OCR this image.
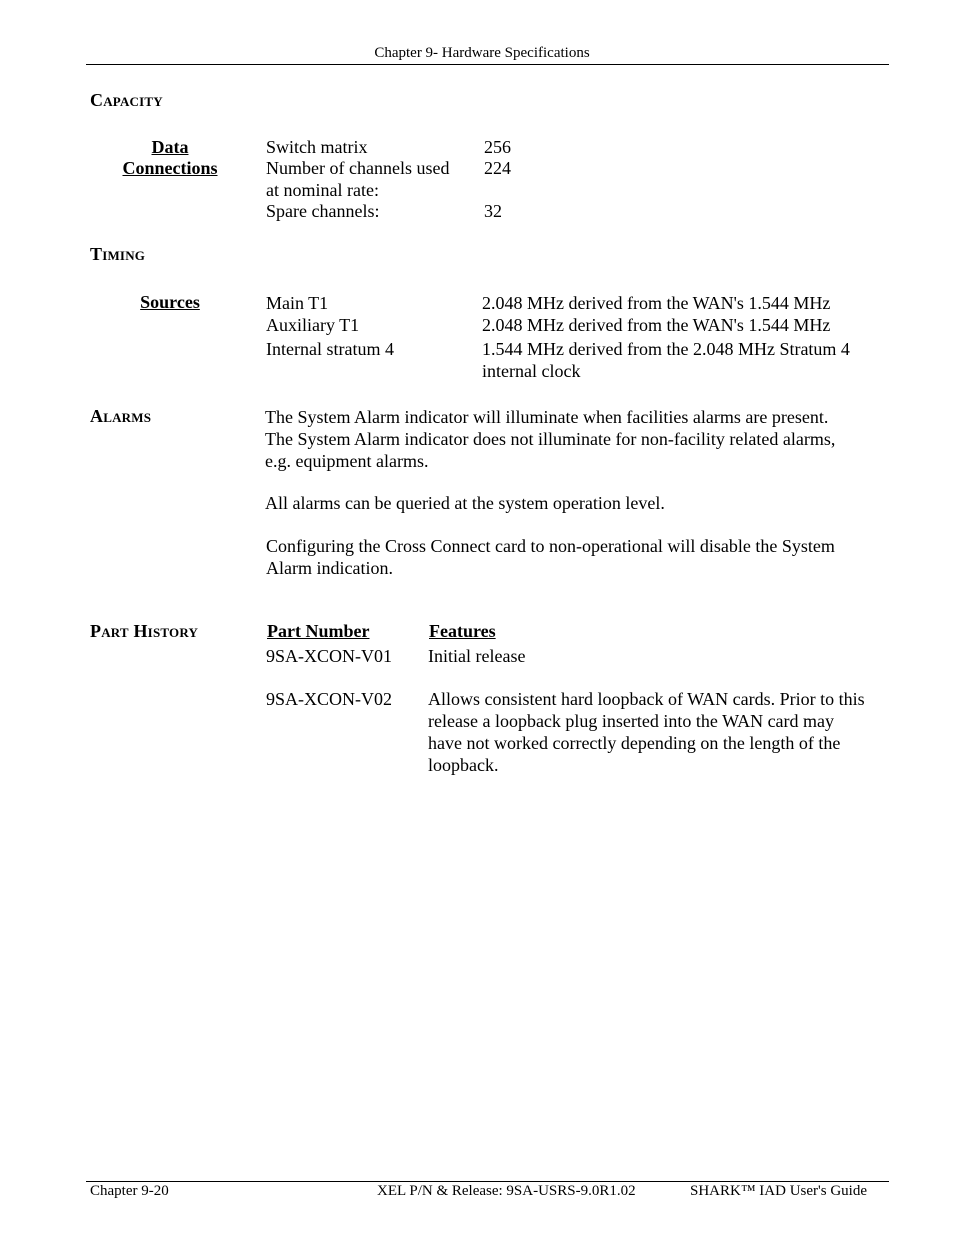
Chapter 9- Hardware Specifications
Capacity
Data
Connections
Switch matrix	256
Number of channels used 224
at nominal rate:
Spare channels:	32
Timing
Sources	Main T1	2.048 MHz derived from the WAN's 1.544 MHz
Auxiliary T1	2.048 MHz derived from the WAN's 1.544 MHz
Internal stratum 4	1.544 MHz derived from the 2.048 MHz Stratum 4
internal clock
Alarms	The System Alarm indicator will illuminate when facilities alarms are present.
The System Alarm indicator does not illuminate for non-facility related alarms,
e.g. equipment alarms.
All alarms can be queried at the system operation level.
Configuring the Cross Connect card to non-operational will disable the System
Alarm indication.
Part History	Part Number	Features
9SA-XCON-V01 Initial release
9SA-XCON-V02 Allows consistent hard loopback of WAN cards. Prior to this
release a loopback plug inserted into the WAN card may
have not worked correctly depending on the length of the
loopback.
Chapter 9-20	XEL P/N & Release: 9SA-USRS-9.0R1.02	SHARK™ IAD User's Guide
